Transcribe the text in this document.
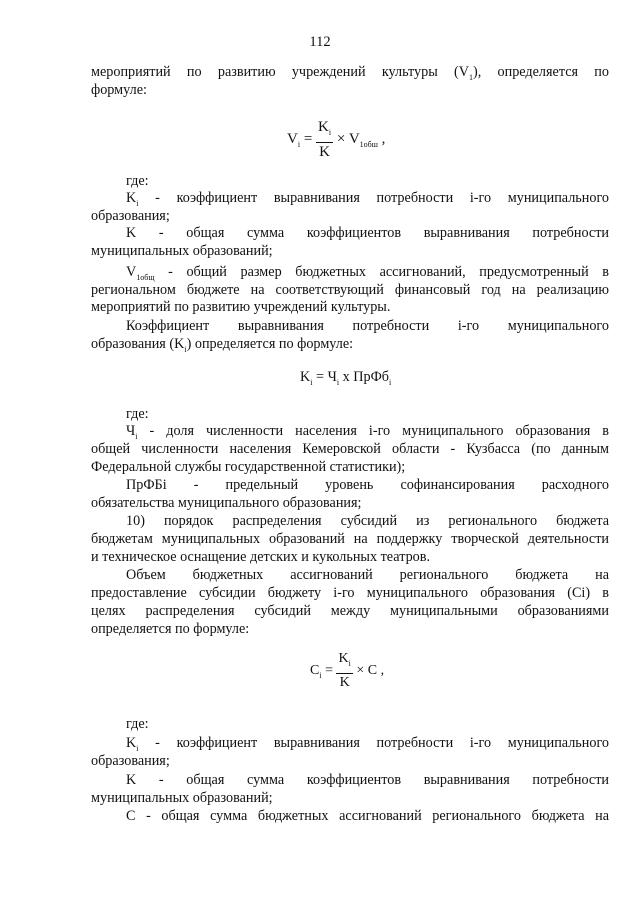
112
мероприятий по развитию учреждений культуры $(V_1)$, определяется по
формуле:
$V_i = \frac{K_i}{K} \times V_{1обш}$ ,
где:
$K_i$ - коэффициент выравнивания потребности i-го муниципального
образования;
K - общая сумма коэффициентов выравнивания потребности
муниципальных образований;
$V_{1общ}$ - общий размер бюджетных ассигнований, предусмотренный в
региональном бюджете на соответствующий финансовый год на реализацию
мероприятий по развитию учреждений культуры.
Коэффициент выравнивания потребности i-го муниципального
образования $(K_i)$ определяется по формуле:
$K_i = Ч_i$ x ПрФб$_i$
где:
$Ч_i$ - доля численности населения i-го муниципального образования в
общей численности населения Кемеровской области - Кузбасса (по данным
Федеральной службы государственной статистики);
ПрФБi - предельный уровень софинансирования расходного
обязательства муниципального образования;
10) порядок распределения субсидий из регионального бюджета
бюджетам муниципальных образований на поддержку творческой деятельности
и техническое оснащение детских и кукольных театров.
Объем бюджетных ассигнований регионального бюджета на
предоставление субсидии бюджету i-го муниципального образования (Сi) в
целях распределения субсидий между муниципальными образованиями
определяется по формуле:
$C_i = \frac{K_i}{K} \times C$ ,
где:
$K_i$ - коэффициент выравнивания потребности i-го муниципального
образования;
K - общая сумма коэффициентов выравнивания потребности
муниципальных образований;
С - общая сумма бюджетных ассигнований регионального бюджета на
